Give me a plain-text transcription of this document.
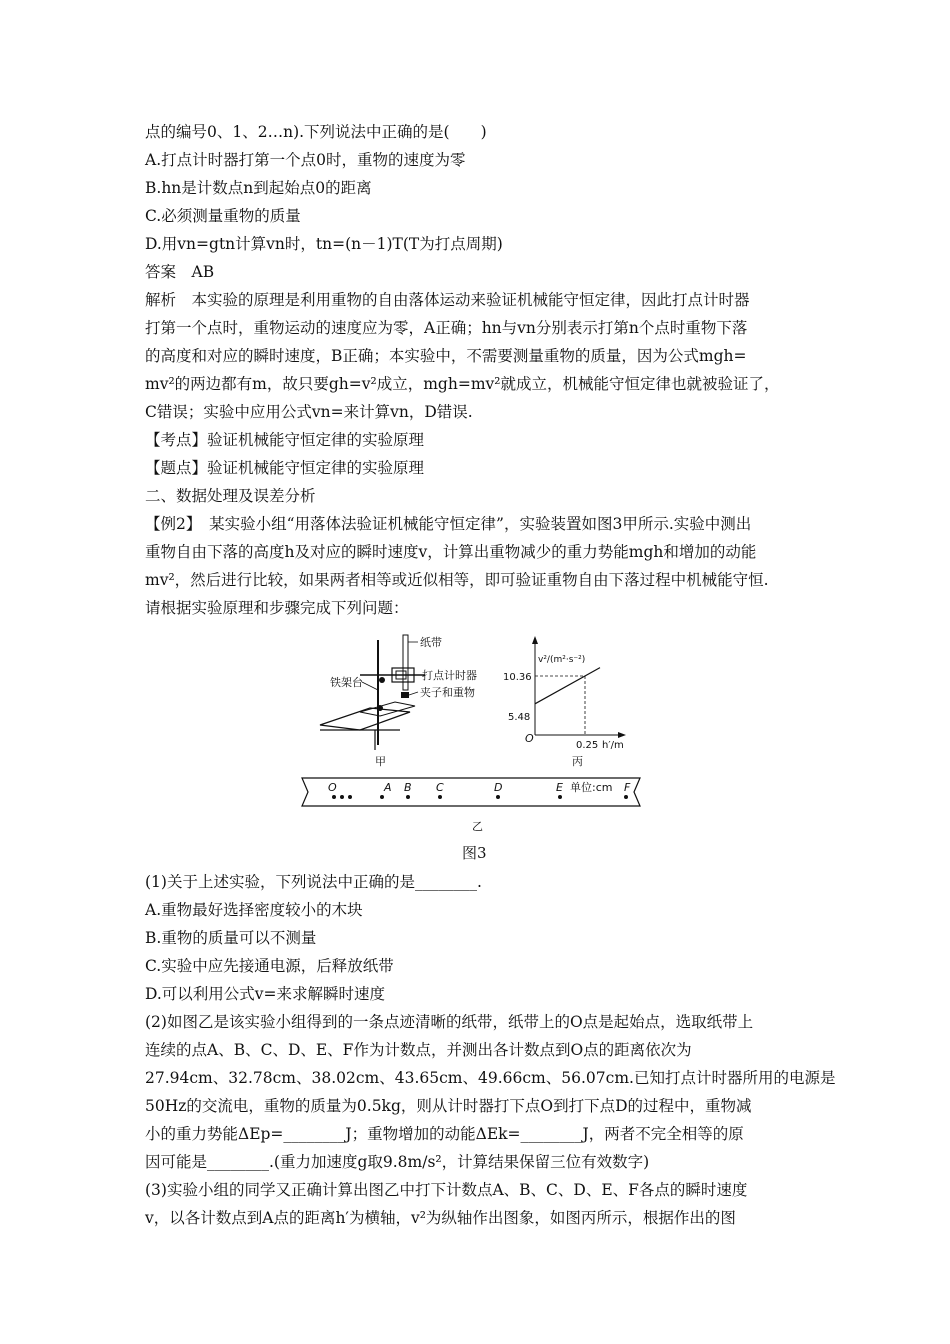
点的编号0、1、2…n).下列说法中正确的是(　　)
A.打点计时器打第一个点0时，重物的速度为零
B.hn是计数点n到起始点0的距离
C.必须测量重物的质量
D.用vn=gtn计算vn时，tn=(n－1)T(T为打点周期)
答案　AB
解析　本实验的原理是利用重物的自由落体运动来验证机械能守恒定律，因此打点计时器
打第一个点时，重物运动的速度应为零，A正确；hn与vn分别表示打第n个点时重物下落
的高度和对应的瞬时速度，B正确；本实验中，不需要测量重物的质量，因为公式mgh=
mv²的两边都有m，故只要gh=v²成立，mgh=mv²就成立，机械能守恒定律也就被验证了，
C错误；实验中应用公式vn=来计算vn，D错误.
【考点】验证机械能守恒定律的实验原理
【题点】验证机械能守恒定律的实验原理
二、数据处理及误差分析
【例2】　某实验小组“用落体法验证机械能守恒定律”，实验装置如图3甲所示.实验中测出
重物自由下落的高度h及对应的瞬时速度v，计算出重物减少的重力势能mgh和增加的动能
mv²，然后进行比较，如果两者相等或近似相等，即可验证重物自由下落过程中机械能守恒.
请根据实验原理和步骤完成下列问题：
纸带
打点计时器
铁架台
夹子和重物
甲
v²/(m²·s⁻²)
10.36
5.48
O
0.25 h′/m
丙
O	A B C	D	E 单位:cm F
乙
图3
(1)关于上述实验，下列说法中正确的是________.
A.重物最好选择密度较小的木块
B.重物的质量可以不测量
C.实验中应先接通电源，后释放纸带
D.可以利用公式v=来求解瞬时速度
(2)如图乙是该实验小组得到的一条点迹清晰的纸带，纸带上的O点是起始点，选取纸带上
连续的点A、B、C、D、E、F作为计数点，并测出各计数点到O点的距离依次为
27.94cm、32.78cm、38.02cm、43.65cm、49.66cm、56.07cm.已知打点计时器所用的电源是
50Hz的交流电，重物的质量为0.5kg，则从计时器打下点O到打下点D的过程中，重物减
小的重力势能ΔEp=________J；重物增加的动能ΔEk=________J，两者不完全相等的原
因可能是________.(重力加速度g取9.8m/s²，计算结果保留三位有效数字)
(3)实验小组的同学又正确计算出图乙中打下计数点A、B、C、D、E、F各点的瞬时速度
v，以各计数点到A点的距离h′为横轴，v²为纵轴作出图象，如图丙所示，根据作出的图
